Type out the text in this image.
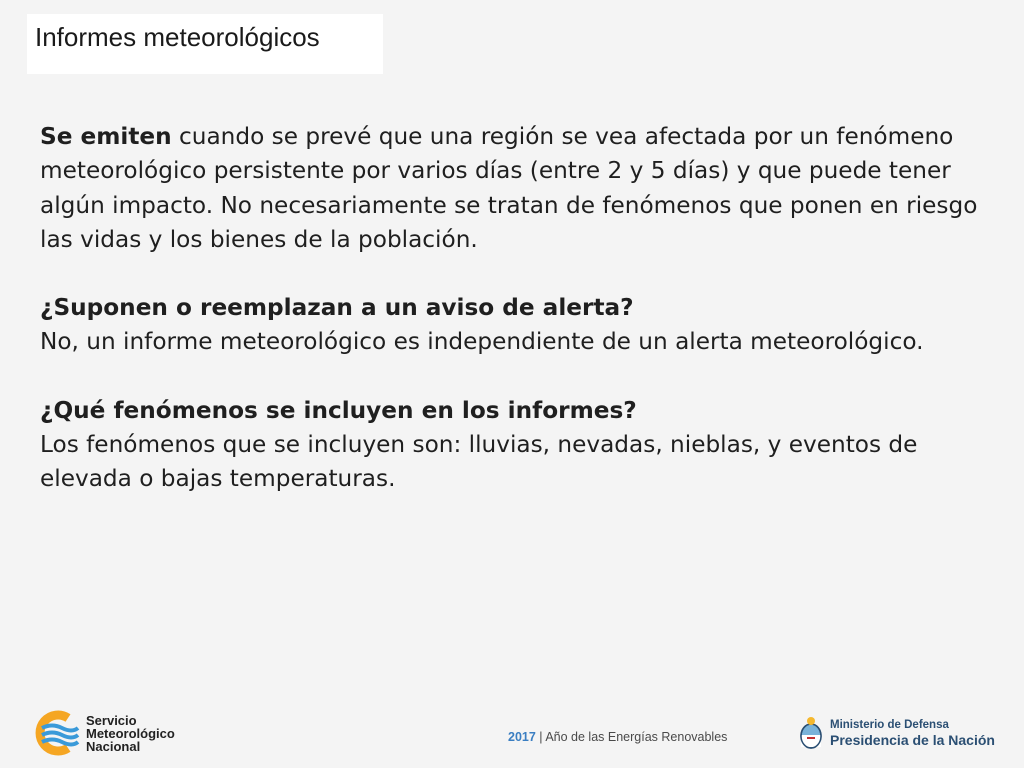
Informes meteorológicos

Se emiten cuando se prevé que una región se vea afectada por un fenómeno meteorológico persistente por varios días (entre 2 y 5 días) y que puede tener algún impacto. No necesariamente se tratan de fenómenos que ponen en riesgo las vidas y los bienes de la población.

¿Suponen o reemplazan a un aviso de alerta?

No, un informe meteorológico es independiente de un alerta meteorológico.

¿Qué fenómenos se incluyen en los informes?

Los fenómenos que se incluyen son: lluvias, nevadas, nieblas, y eventos de elevada o bajas temperaturas.

Servicio
Meteorológico
Nacional
2017 | Año de las Energías Renovables
Ministerio de Defensa
Presidencia de la Nación
